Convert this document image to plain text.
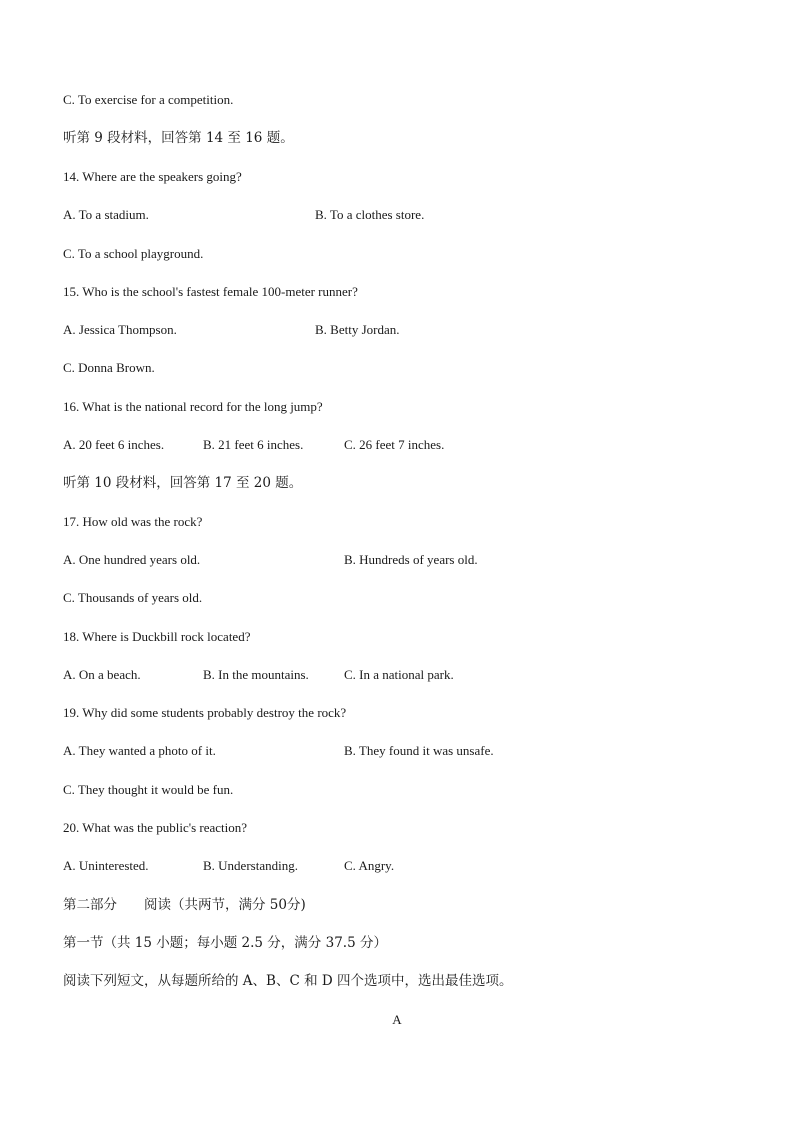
C. To exercise for a competition.
听第 9 段材料，回答第 14 至 16 题。
14. Where are the speakers going?
A. To a stadium.	B. To a clothes store.
C. To a school playground.
15. Who is the school's fastest female 100-meter runner?
A. Jessica Thompson.	B. Betty Jordan.
C. Donna Brown.
16. What is the national record for the long jump?
A. 20 feet 6 inches.	B. 21 feet 6 inches.	C. 26 feet 7 inches.
听第 10 段材料，回答第 17 至 20 题。
17. How old was the rock?
A. One hundred years old.	B. Hundreds of years old.
C. Thousands of years old.
18. Where is Duckbill rock located?
A. On a beach.	B. In the mountains.	C. In a national park.
19. Why did some students probably destroy the rock?
A. They wanted a photo of it.	B. They found it was unsafe.
C. They thought it would be fun.
20. What was the public's reaction?
A. Uninterested.	B. Understanding.	C. Angry.
第二部分　　阅读（共两节，满分 50分)
第一节（共 15 小题；每小题 2.5 分，满分 37.5 分）
阅读下列短文，从每题所给的 A、B、C 和 D 四个选项中，选出最佳选项。
A
